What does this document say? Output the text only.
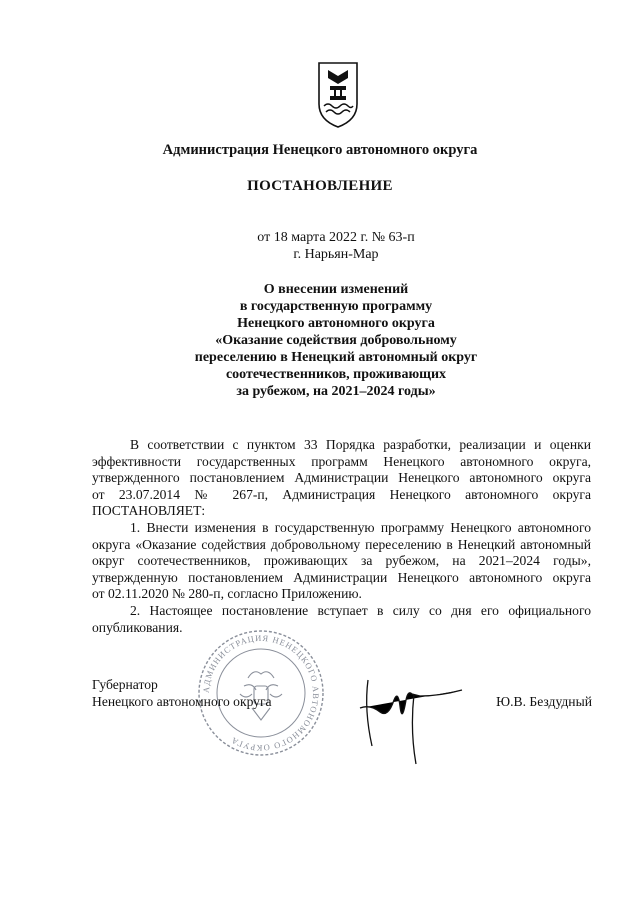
Администрация Ненецкого автономного округа
ПОСТАНОВЛЕНИЕ
от 18 марта 2022 г. № 63-п
г. Нарьян-Мар
О внесении изменений
в государственную программу
Ненецкого автономного округа
«Оказание содействия добровольному
переселению в Ненецкий автономный округ
соотечественников, проживающих
за рубежом, на 2021–2024 годы»
В соответствии с пунктом 33 Порядка разработки, реализации и оценки
эффективности государственных программ Ненецкого автономного округа,
утвержденного постановлением Администрации Ненецкого автономного округа
от 23.07.2014 № 267-п, Администрация Ненецкого автономного округа
ПОСТАНОВЛЯЕТ:
1. Внести изменения в государственную программу Ненецкого автономного
округа «Оказание содействия добровольному переселению в Ненецкий автономный
округ соотечественников, проживающих за рубежом, на 2021–2024 годы»,
утвержденную постановлением Администрации Ненецкого автономного округа
от 02.11.2020 № 280-п, согласно Приложению.
2. Настоящее постановление вступает в силу со дня его официального
опубликования.
АДМИНИСТРАЦИЯ НЕНЕЦКОГО АВТОНОМНОГО ОКРУГА
Губернатор
Ненецкого автономного округа	Ю.В. Бездудный
